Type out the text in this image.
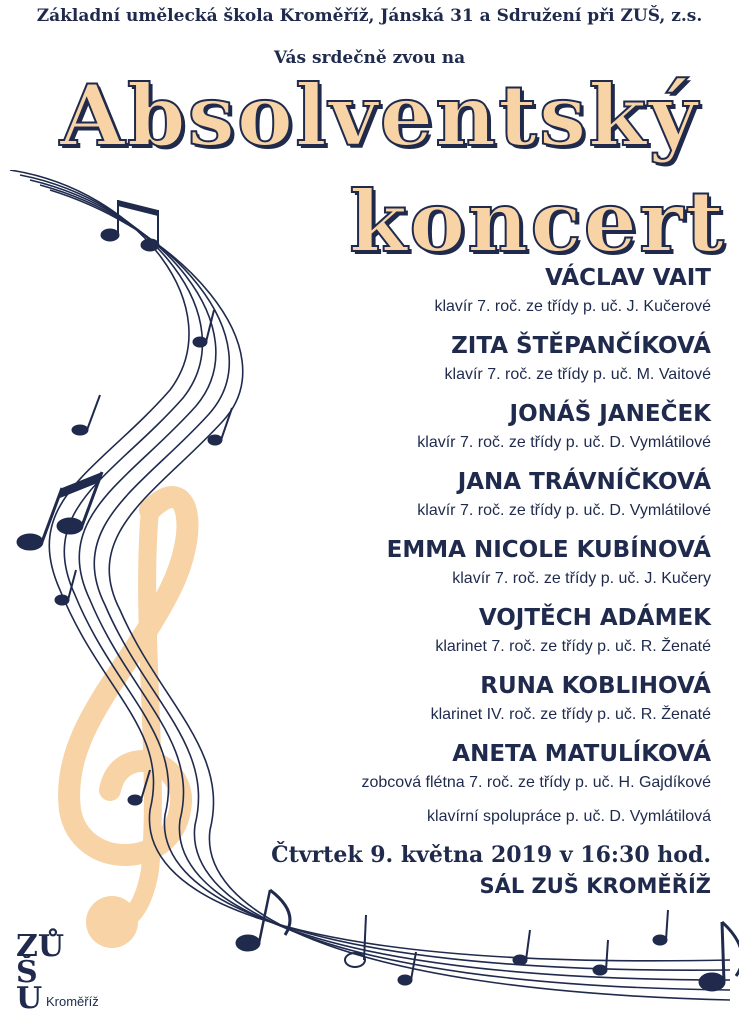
Základní umělecká škola Kroměříž, Jánská 31 a Sdružení při ZUŠ, z.s.
Vás srdečně zvou na
Absolventský
koncert
VÁCLAV VAIT
klavír 7. roč. ze třídy p. uč. J. Kučerové
ZITA ŠTĚPANČÍKOVÁ
klavír 7. roč. ze třídy p. uč. M. Vaitové
JONÁŠ JANEČEK
klavír 7. roč. ze třídy p. uč. D. Vymlátilové
JANA TRÁVNÍČKOVÁ
klavír 7. roč. ze třídy p. uč. D. Vymlátilové
EMMA NICOLE KUBÍNOVÁ
klavír 7. roč. ze třídy p. uč. J. Kučery
VOJTĚCH ADÁMEK
klarinet 7. roč. ze třídy p. uč. R. Ženaté
RUNA KOBLIHOVÁ
klarinet IV. roč. ze třídy p. uč. R. Ženaté
ANETA MATULÍKOVÁ
zobcová flétna 7. roč. ze třídy p. uč. H. Gajdíkové
klavírní spolupráce p. uč. D. Vymlátilová
Čtvrtek 9. května 2019 v 16:30 hod.
SÁL ZUŠ KROMĚŘÍŽ
ZŮ
Š
U Kroměříž
